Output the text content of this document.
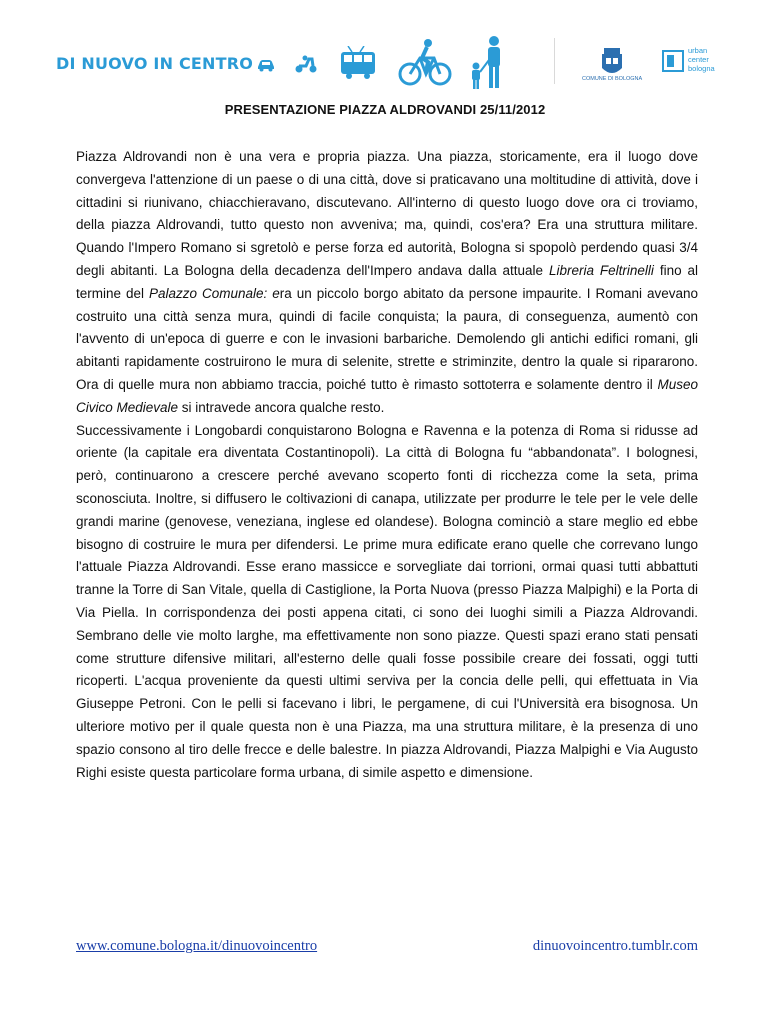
DI NUOVO IN CENTRO
COMUNE DI BOLOGNA
urban
center
bologna
PRESENTAZIONE PIAZZA ALDROVANDI 25/11/2012

Piazza Aldrovandi non è una vera e propria piazza. Una piazza, storicamente, era il luogo dove convergeva l'attenzione di un paese o di una città, dove si praticavano una moltitudine di attività, dove i cittadini si riunivano, chiacchieravano, discutevano. All'interno di questo luogo dove ora ci troviamo, della piazza Aldrovandi, tutto questo non avveniva; ma, quindi, cos'era? Era una struttura militare. Quando l'Impero Romano si sgretolò e perse forza ed autorità, Bologna si spopolò perdendo quasi 3/4 degli abitanti. La Bologna della decadenza dell'Impero andava dalla attuale Libreria Feltrinelli fino al termine del Palazzo Comunale: era un piccolo borgo abitato da persone impaurite. I Romani avevano costruito una città senza mura, quindi di facile conquista; la paura, di conseguenza, aumentò con l'avvento di un'epoca di guerre e con le invasioni barbariche. Demolendo gli antichi edifici romani, gli abitanti rapidamente costruirono le mura di selenite, strette e striminzite, dentro la quale si ripararono. Ora di quelle mura non abbiamo traccia, poiché tutto è rimasto sottoterra e solamente dentro il Museo Civico Medievale si intravede ancora qualche resto.

Successivamente i Longobardi conquistarono Bologna e Ravenna e la potenza di Roma si ridusse ad oriente (la capitale era diventata Costantinopoli). La città di Bologna fu “abbandonata”. I bolognesi, però, continuarono a crescere perché avevano scoperto fonti di ricchezza come la seta, prima sconosciuta. Inoltre, si diffusero le coltivazioni di canapa, utilizzate per produrre le tele per le vele delle grandi marine (genovese, veneziana, inglese ed olandese). Bologna cominciò a stare meglio ed ebbe bisogno di costruire le mura per difendersi. Le prime mura edificate erano quelle che correvano lungo l'attuale Piazza Aldrovandi. Esse erano massicce e sorvegliate dai torrioni, ormai quasi tutti abbattuti tranne la Torre di San Vitale, quella di Castiglione, la Porta Nuova (presso Piazza Malpighi) e la Porta di Via Piella. In corrispondenza dei posti appena citati, ci sono dei luoghi simili a Piazza Aldrovandi. Sembrano delle vie molto larghe, ma effettivamente non sono piazze. Questi spazi erano stati pensati come strutture difensive militari, all'esterno delle quali fosse possibile creare dei fossati, oggi tutti ricoperti. L'acqua proveniente da questi ultimi serviva per la concia delle pelli, qui effettuata in Via Giuseppe Petroni. Con le pelli si facevano i libri, le pergamene, di cui l'Università era bisognosa. Un ulteriore motivo per il quale questa non è una Piazza, ma una struttura militare, è la presenza di uno spazio consono al tiro delle frecce e delle balestre. In piazza Aldrovandi, Piazza Malpighi e Via Augusto Righi esiste questa particolare forma urbana, di simile aspetto e dimensione.

www.comune.bologna.it/dinuovoincentro	dinuovoincentro.tumblr.com
